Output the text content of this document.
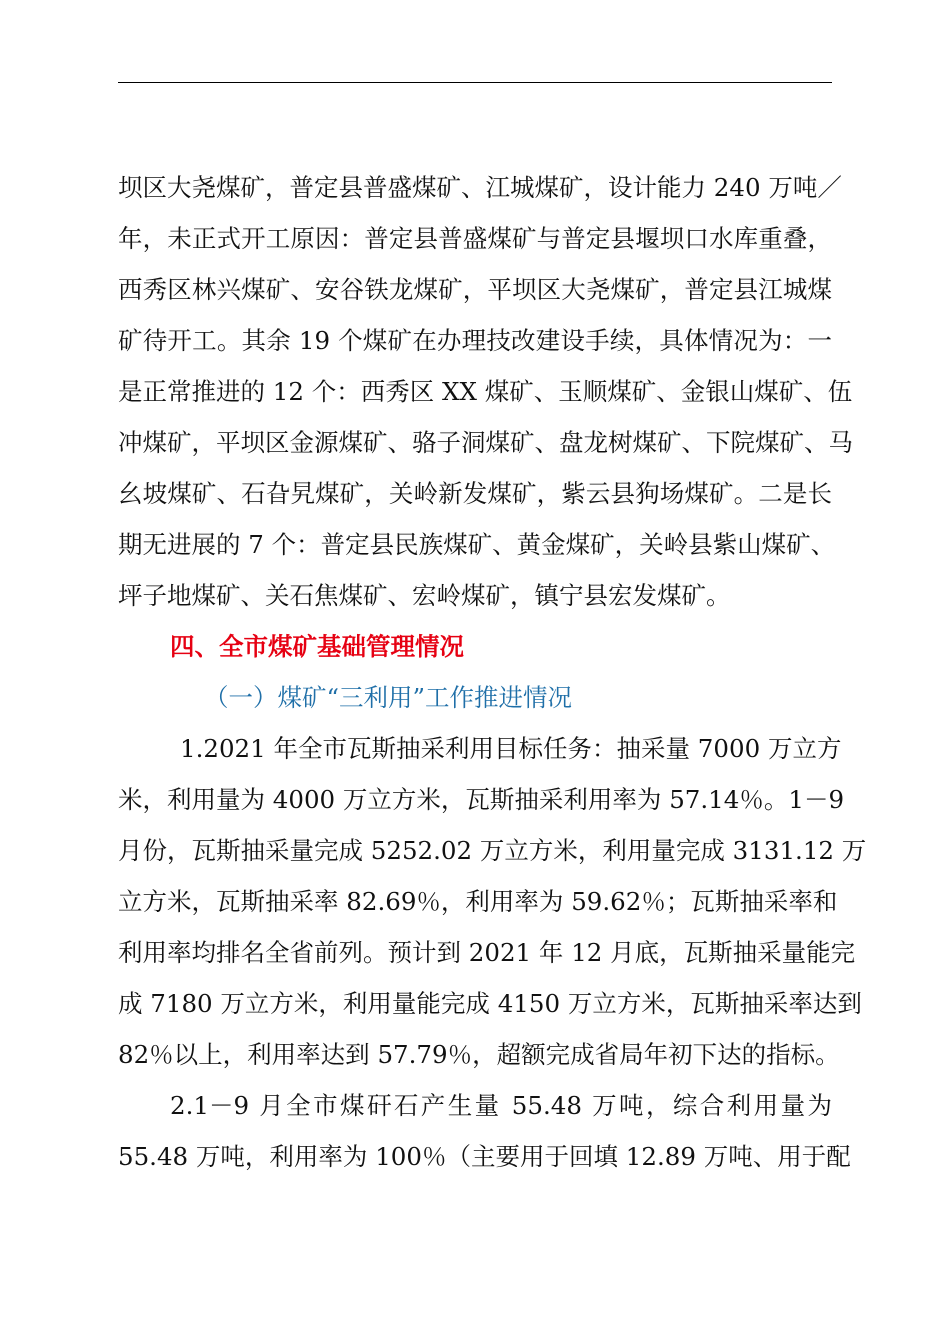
坝区大尧煤矿，普定县普盛煤矿、江城煤矿，设计能力 240 万吨／
年，未正式开工原因：普定县普盛煤矿与普定县堰坝口水库重叠，
西秀区林兴煤矿、安谷铁龙煤矿，平坝区大尧煤矿，普定县江城煤
矿待开工。其余 19 个煤矿在办理技改建设手续，具体情况为：一
是正常推进的 12 个：西秀区 XX 煤矿、玉顺煤矿、金银山煤矿、伍
冲煤矿，平坝区金源煤矿、骆子洞煤矿、盘龙树煤矿、下院煤矿、马
幺坡煤矿、石旮旯煤矿，关岭新发煤矿，紫云县狗场煤矿。二是长
期无进展的 7 个：普定县民族煤矿、黄金煤矿，关岭县紫山煤矿、
坪子地煤矿、关石焦煤矿、宏岭煤矿，镇宁县宏发煤矿。
四、全市煤矿基础管理情况
（一）煤矿“三利用”工作推进情况
1.2021 年全市瓦斯抽采利用目标任务：抽采量 7000 万立方
米，利用量为 4000 万立方米，瓦斯抽采利用率为 57.14％。1－9
月份，瓦斯抽采量完成 5252.02 万立方米，利用量完成 3131.12 万
立方米，瓦斯抽采率 82.69％，利用率为 59.62％；瓦斯抽采率和
利用率均排名全省前列。预计到 2021 年 12 月底，瓦斯抽采量能完
成 7180 万立方米，利用量能完成 4150 万立方米，瓦斯抽采率达到
82％以上，利用率达到 57.79％，超额完成省局年初下达的指标。
2.1－9 月全市煤矸石产生量 55.48 万吨，综合利用量为
55.48 万吨，利用率为 100％（主要用于回填 12.89 万吨、用于配
